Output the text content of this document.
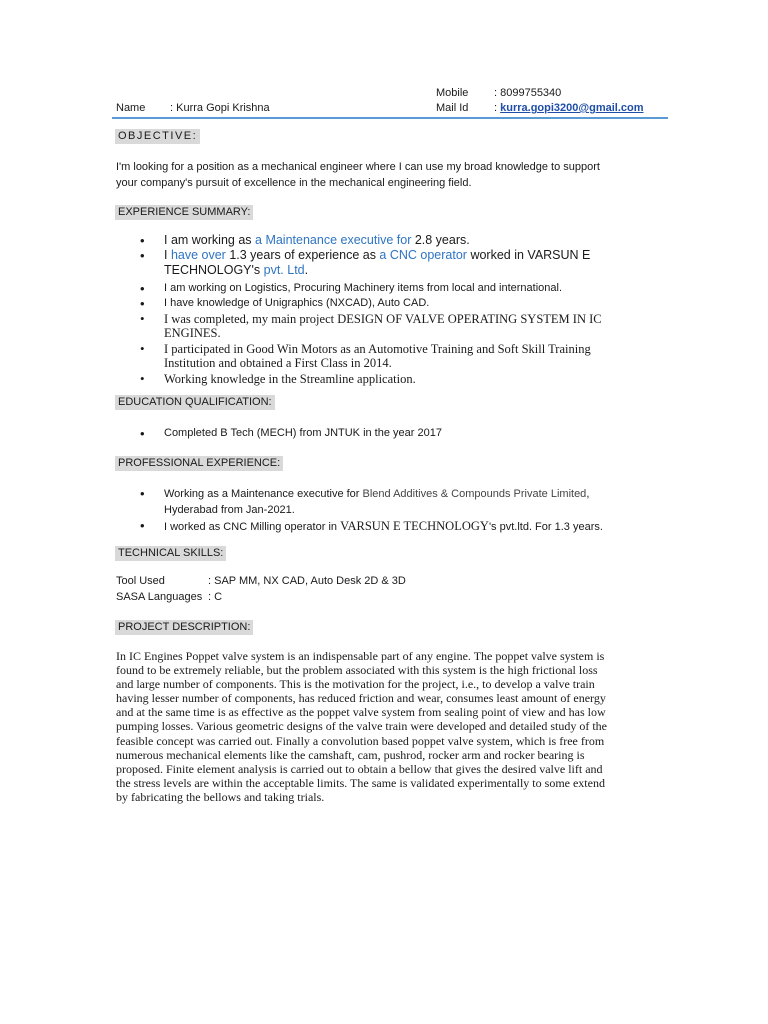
Mobile : 8099755340
Name : Kurra Gopi Krishna	Mail Id : kurra.gopi3200@gmail.com
OBJECTIVE:
I'm looking for a position as a mechanical engineer where I can use my broad knowledge to support
your company's pursuit of excellence in the mechanical engineering field.
EXPERIENCE SUMMARY:
• I am working as a Maintenance executive for 2.8 years.
• I have over 1.3 years of experience as a CNC operator worked in VARSUN E
TECHNOLOGY's pvt. Ltd.
• I am working on Logistics, Procuring Machinery items from local and international.
• I have knowledge of Unigraphics (NXCAD), Auto CAD.
• I was completed, my main project DESIGN OF VALVE OPERATING SYSTEM IN IC
ENGINES.
• I participated in Good Win Motors as an Automotive Training and Soft Skill Training
Institution and obtained a First Class in 2014.
• Working knowledge in the Streamline application.
EDUCATION QUALIFICATION:
• Completed B Tech (MECH) from JNTUK in the year 2017
PROFESSIONAL EXPERIENCE:
• Working as a Maintenance executive for Blend Additives & Compounds Private Limited,
Hyderabad from Jan-2021.
• I worked as CNC Milling operator in VARSUN E TECHNOLOGY's pvt.ltd. For 1.3 years.
TECHNICAL SKILLS:
Tool Used	: SAP MM, NX CAD, Auto Desk 2D & 3D
SASA Languages : C
PROJECT DESCRIPTION:
In IC Engines Poppet valve system is an indispensable part of any engine. The poppet valve system is
found to be extremely reliable, but the problem associated with this system is the high frictional loss
and large number of components. This is the motivation for the project, i.e., to develop a valve train
having lesser number of components, has reduced friction and wear, consumes least amount of energy
and at the same time is as effective as the poppet valve system from sealing point of view and has low
pumping losses. Various geometric designs of the valve train were developed and detailed study of the
feasible concept was carried out. Finally a convolution based poppet valve system, which is free from
numerous mechanical elements like the camshaft, cam, pushrod, rocker arm and rocker bearing is
proposed. Finite element analysis is carried out to obtain a bellow that gives the desired valve lift and
the stress levels are within the acceptable limits. The same is validated experimentally to some extend
by fabricating the bellows and taking trials.
